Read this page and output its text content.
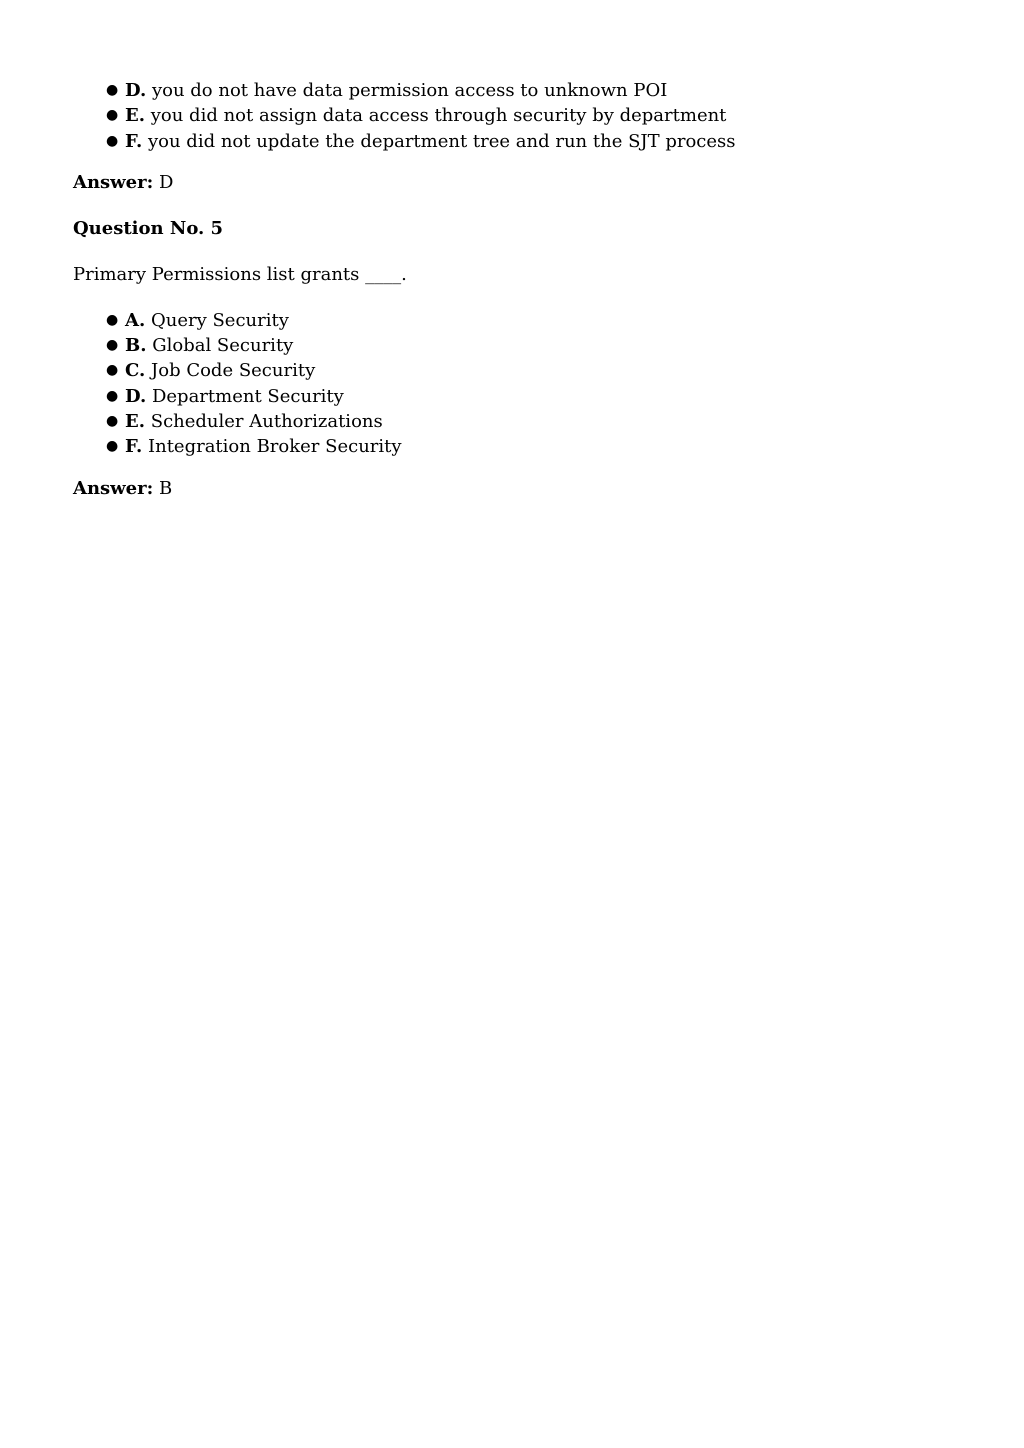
● D. you do not have data permission access to unknown POI
● E. you did not assign data access through security by department
● F. you did not update the department tree and run the SJT process

Answer: D

Question No. 5

Primary Permissions list grants ____.

● A. Query Security
● B. Global Security
● C. Job Code Security
● D. Department Security
● E. Scheduler Authorizations
● F. Integration Broker Security

Answer: B
